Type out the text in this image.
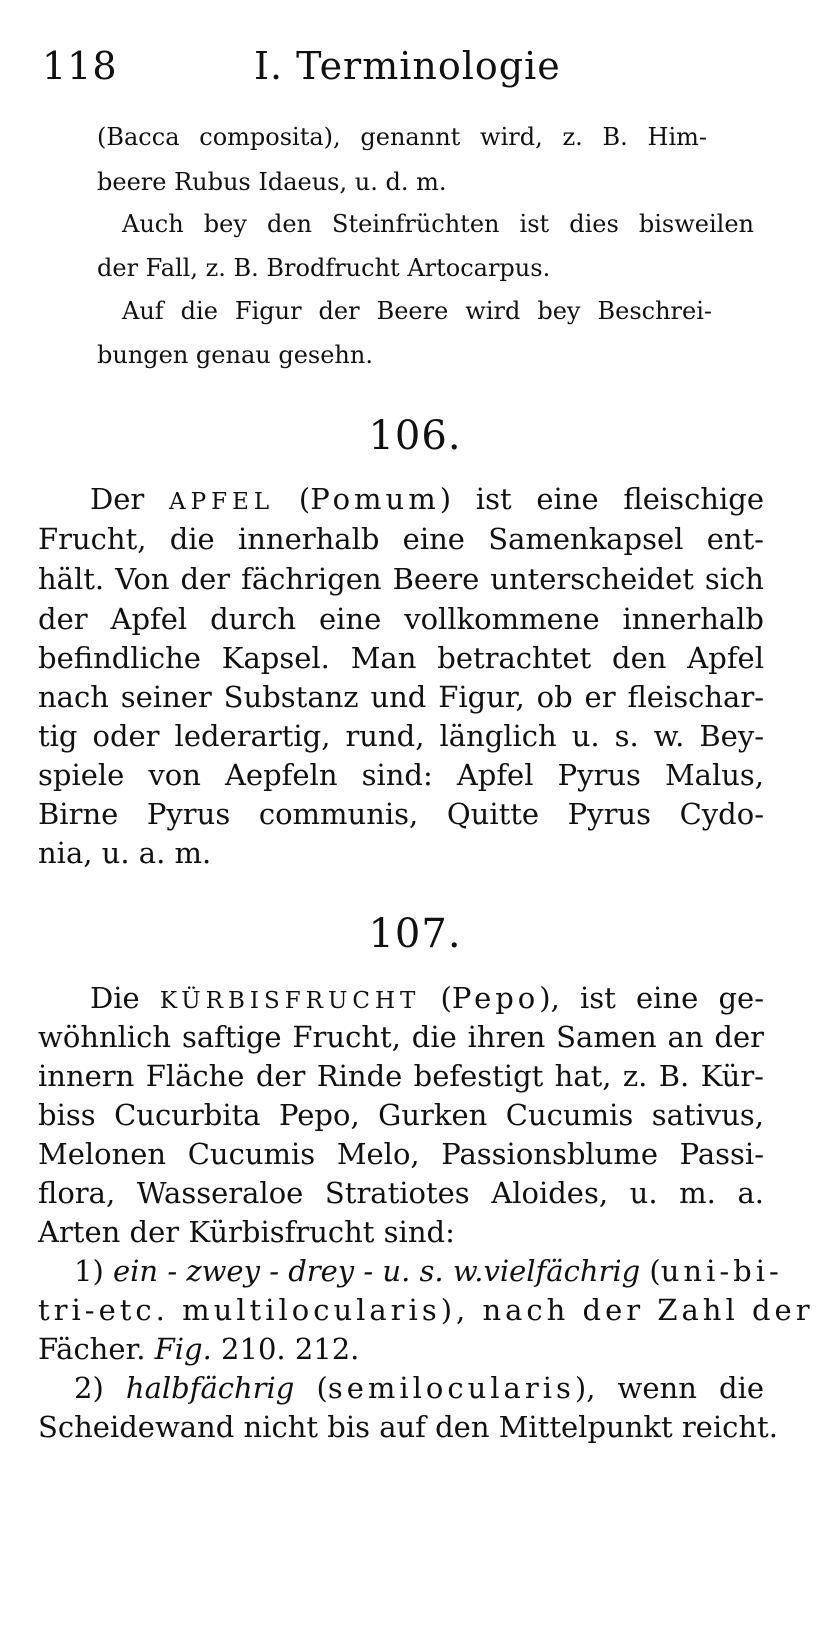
118	I. Terminologie
(Bacca composita), genannt wird, z. B. Him-
beere Rubus Idaeus, u. d. m.
Auch bey den Steinfrüchten ist dies bisweilen
der Fall, z. B. Brodfrucht Artocarpus.
Auf die Figur der Beere wird bey Beschrei-
bungen genau gesehn.
106.
Der APFEL (Pomum) ist eine fleischige
Frucht, die innerhalb eine Samenkapsel ent-
hält. Von der fächrigen Beere unterscheidet sich
der Apfel durch eine vollkommene innerhalb
befindliche Kapsel. Man betrachtet den Apfel
nach seiner Substanz und Figur, ob er fleischar-
tig oder lederartig, rund, länglich u. s. w. Bey-
spiele von Aepfeln sind: Apfel Pyrus Malus,
Birne Pyrus communis, Quitte Pyrus Cydo-
nia, u. a. m.
107.
Die KÜRBISFRUCHT (Pepo), ist eine ge-
wöhnlich saftige Frucht, die ihren Samen an der
innern Fläche der Rinde befestigt hat, z. B. Kür-
biss Cucurbita Pepo, Gurken Cucumis sativus,
Melonen Cucumis Melo, Passionsblume Passi-
flora, Wasseraloe Stratiotes Aloides, u. m. a.
Arten der Kürbisfrucht sind:
1) ein - zwey - drey - u. s. w.vielfächrig (uni-bi-
tri-etc. multilocularis), nach der Zahl der
Fächer. Fig. 210. 212.
2) halbfächrig (semilocularis), wenn die
Scheidewand nicht bis auf den Mittelpunkt reicht.
